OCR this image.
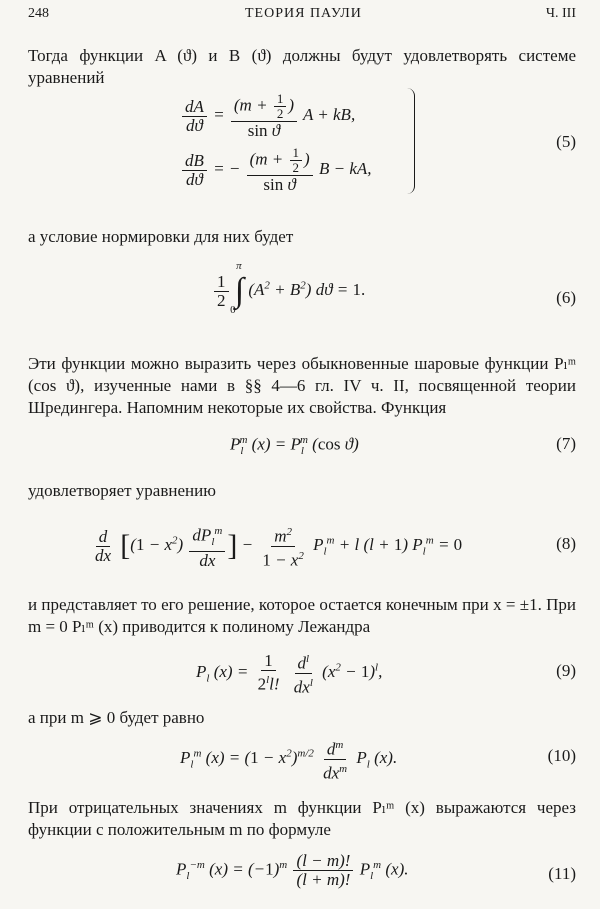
248	ТЕОРИЯ ПАУЛИ	Ч. III
Тогда функции A (ϑ) и B (ϑ) должны будут удовлетворять системе уравнений
$\frac{dA}{dϑ} = \frac{(m + \frac{1}{2} )}{\text{sin ϑ}}$ A + kB,
$\frac{dB}{dϑ}$ = − $\frac{(m + \frac{1}{2} )}{\text{sin ϑ}}$ B − kA,
(5)
а условие нормировки для них будет
$\frac{1}{2}$ ∫
π
0
$(A^2 + B^2) dϑ = 1$.	(6)
Эти функции можно выразить через обыкновенные шаровые функции Pₗᵐ (cos ϑ), изученные нами в §§ 4—6 гл. IV ч. II, посвященной теории Шредингера. Напомним некоторые их свойства. Функция
$P_l^m$ $(x) = P_l^m$ (cos ϑ)	(7)
удовлетворяет уравнению
$\frac{d}{dx} [(1 - x^2) \frac{dP_l^m}{dx}$ ] − $\frac{m^2}{1 - x^2} P_l^m + l$ (l + 1) $P_l^m = 0$	(8)
и представляет то его решение, которое остается конечным при x = ±1. При m = 0 Pₗᵐ (x) приводится к полиному Лежандра
$P_l$ $(x) = \frac{1}{2^ll!}$
$\frac{d^l}{dx^l} (x^2 - 1)^l$,	(9)
а при m ⩾ 0 будет равно
$P_l^m$ $(x) = (1 - x^2)^{m/2} \frac{d^m}{dx^m} P_l$ (x).	(10)
При отрицательных значениях m функции Pₗᵐ (x) выражаются через функции с положительным m по формуле
$P_l^{-m}$ $(x) = (-1)^m \frac{(l - m)!}{(l + m)!} P_l^m$ (x).	(11)
